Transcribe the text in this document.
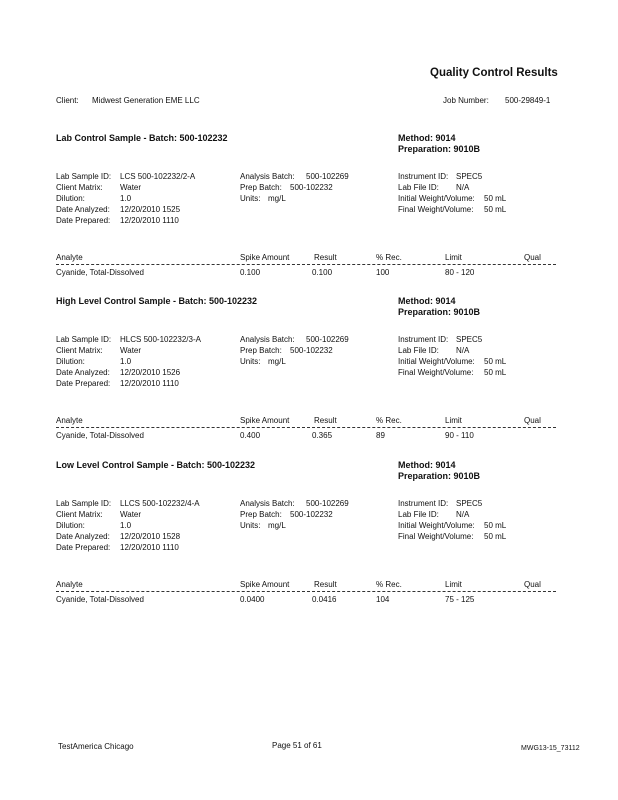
Quality Control Results
Client: Midwest Generation EME LLC	Job Number: 500-29849-1
Lab Control Sample - Batch: 500-102232	Method: 9014
Preparation: 9010B
Lab Sample ID: LCS 500-102232/2-A
Client Matrix: Water
Dilution:	1.0
Date Analyzed: 12/20/2010 1525
Date Prepared: 12/20/2010 1110
Analysis Batch: 500-102269
Prep Batch: 500-102232
Units: mg/L
Instrument ID: SPEC5
Lab File ID: N/A
Initial Weight/Volume: 50 mL
Final Weight/Volume: 50 mL
Analyte	Spike Amount	Result	% Rec.	Limit	Qual
Cyanide, Total-Dissolved	0.100	0.100	100	80 - 120
High Level Control Sample - Batch: 500-102232	Method: 9014
Preparation: 9010B
Lab Sample ID: HLCS 500-102232/3-A
Client Matrix: Water
Dilution:	1.0
Date Analyzed: 12/20/2010 1526
Date Prepared: 12/20/2010 1110
Analysis Batch: 500-102269
Prep Batch: 500-102232
Units: mg/L
Instrument ID: SPEC5
Lab File ID: N/A
Initial Weight/Volume: 50 mL
Final Weight/Volume: 50 mL
Analyte	Spike Amount	Result	% Rec.	Limit	Qual
Cyanide, Total-Dissolved	0.400	0.365	89	90 - 110
Low Level Control Sample - Batch: 500-102232	Method: 9014
Preparation: 9010B
Lab Sample ID: LLCS 500-102232/4-A
Client Matrix: Water
Dilution:	1.0
Date Analyzed: 12/20/2010 1528
Date Prepared: 12/20/2010 1110
Analysis Batch: 500-102269
Prep Batch: 500-102232
Units: mg/L
Instrument ID: SPEC5
Lab File ID: N/A
Initial Weight/Volume: 50 mL
Final Weight/Volume: 50 mL
Analyte	Spike Amount	Result	% Rec.	Limit	Qual
Cyanide, Total-Dissolved	0.0400	0.0416	104	75 - 125
TestAmerica Chicago	Page 51 of 61	MWG13-15_73112
